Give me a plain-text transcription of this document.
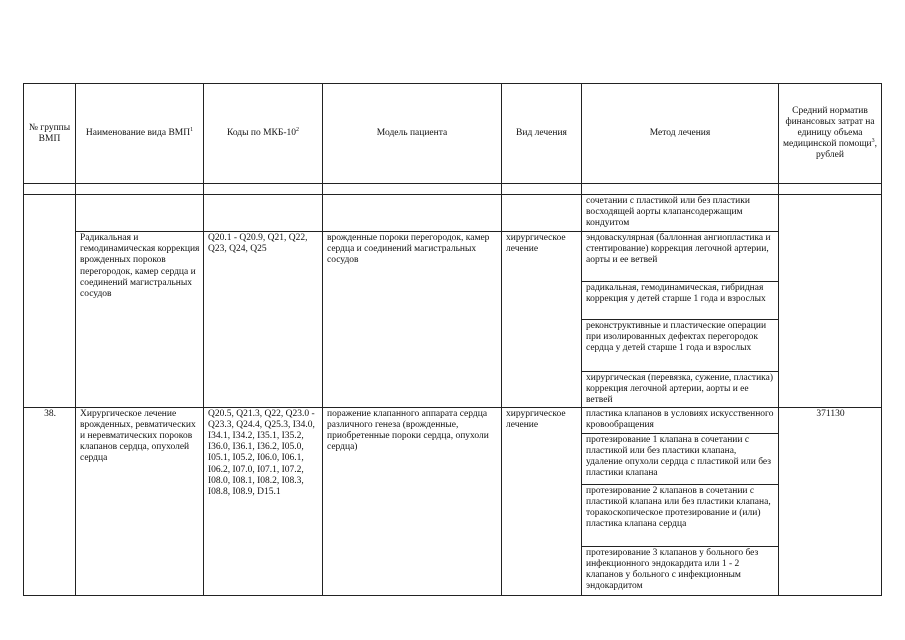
№ группы ВМП	Наименование вида ВМП$^1$	Коды по МКБ-$10^2$	Модель пациента	Вид лечения	Метод лечения	Средний норматив финансовых затрат на единицу объема медицинской помощи$^3$, рублей

					сочетании с пластикой или без пластики восходящей аорты клапансодержащим кондуитом	
	Радикальная и гемодинамическая коррекция врожденных пороков перегородок, камер сердца и соединений магистральных сосудов	Q20.1 - Q20.9, Q21, Q22, Q23, Q24, Q25	врожденные пороки перегородок, камер сердца и соединений магистральных сосудов	хирургическое лечение	эндоваскулярная (баллонная ангиопластика и стентирование) коррекция легочной артерии, аорты и ее ветвей	
					радикальная, гемодинамическая, гибридная коррекция у детей старше 1 года и взрослых	
					реконструктивные и пластические операции при изолированных дефектах перегородок сердца у детей старше 1 года и взрослых	
					хирургическая (перевязка, сужение, пластика) коррекция легочной артерии, аорты и ее ветвей	

38.	Хирургическое лечение врожденных, ревматических и неревматических пороков клапанов сердца, опухолей сердца	Q20.5, Q21.3, Q22, Q23.0 - Q23.3, Q24.4, Q25.3, I34.0, I34.1, I34.2, I35.1, I35.2, I36.0, I36.1, I36.2, I05.0, I05.1, I05.2, I06.0, I06.1, I06.2, I07.0, I07.1, I07.2, I08.0, I08.1, I08.2, I08.3, I08.8, I08.9, D15.1	поражение клапанного аппарата сердца различного генеза (врожденные, приобретенные пороки сердца, опухоли сердца)	хирургическое лечение	пластика клапанов в условиях искусственного кровообращения	371130
					протезирование 1 клапана в сочетании с пластикой или без пластики клапана, удаление опухоли сердца с пластикой или без пластики клапана	
					протезирование 2 клапанов в сочетании с пластикой клапана или без пластики клапана, торакоскопическое протезирование и (или) пластика клапана сердца	
					протезирование 3 клапанов у больного без инфекционного эндокардита или 1 - 2 клапанов у больного с инфекционным эндокардитом	
